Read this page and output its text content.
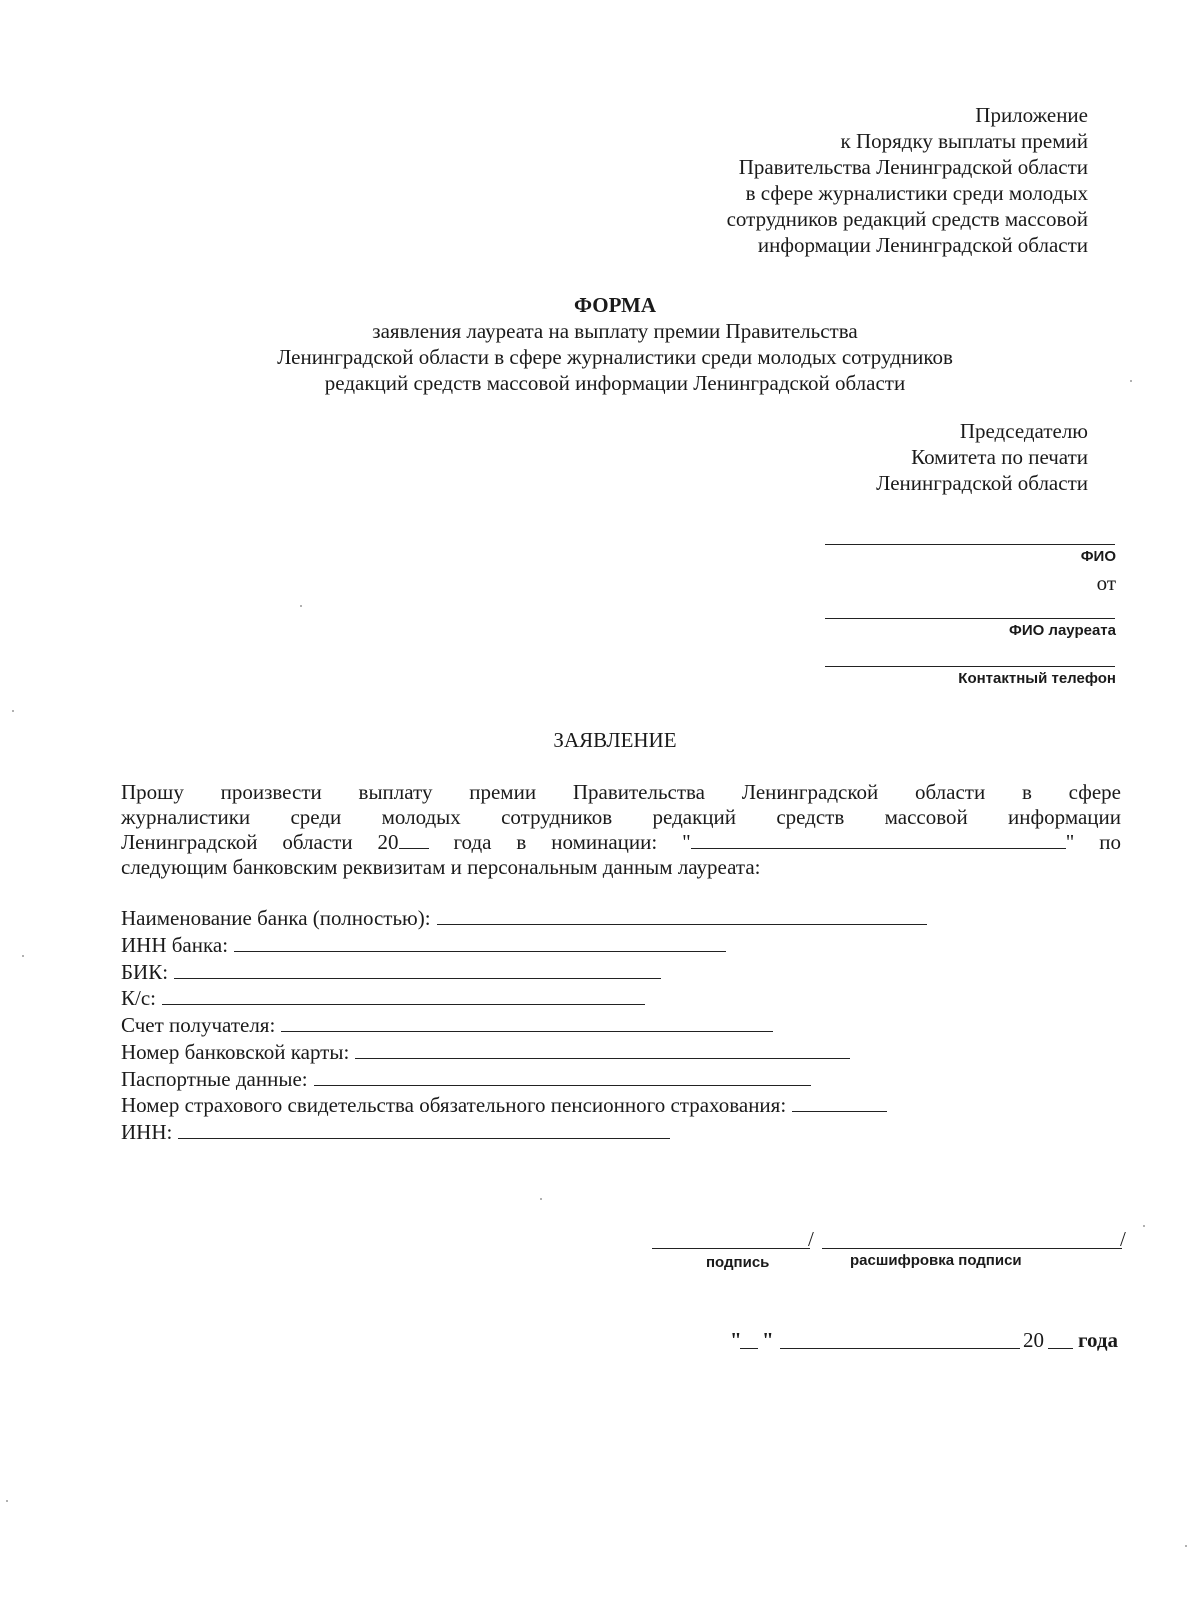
Приложение
к Порядку выплаты премий
Правительства Ленинградской области
в сфере журналистики среди молодых
сотрудников редакций средств массовой
информации Ленинградской области
ФОРМА
заявления лауреата на выплату премии Правительства
Ленинградской области в сфере журналистики среди молодых сотрудников
редакций средств массовой информации Ленинградской области
Председателю
Комитета по печати
Ленинградской области
ФИО
от
ФИО лауреата
Контактный телефон
ЗАЯВЛЕНИЕ
Прошу произвести выплату премии Правительства Ленинградской области в сфере
журналистики среди молодых сотрудников редакций средств массовой информации
Ленинградской области 20 года в номинации: "	" по
следующим банковским реквизитам и персональным данным лауреата:
Наименование банка (полностью):
ИНН банка:
БИК:
К/с:
Счет получателя:
Номер банковской карты:
Паспортные данные:
Номер страхового свидетельства обязательного пенсионного страхования:
ИНН:
/	/
подпись	расшифровка подписи
" "	20 года
